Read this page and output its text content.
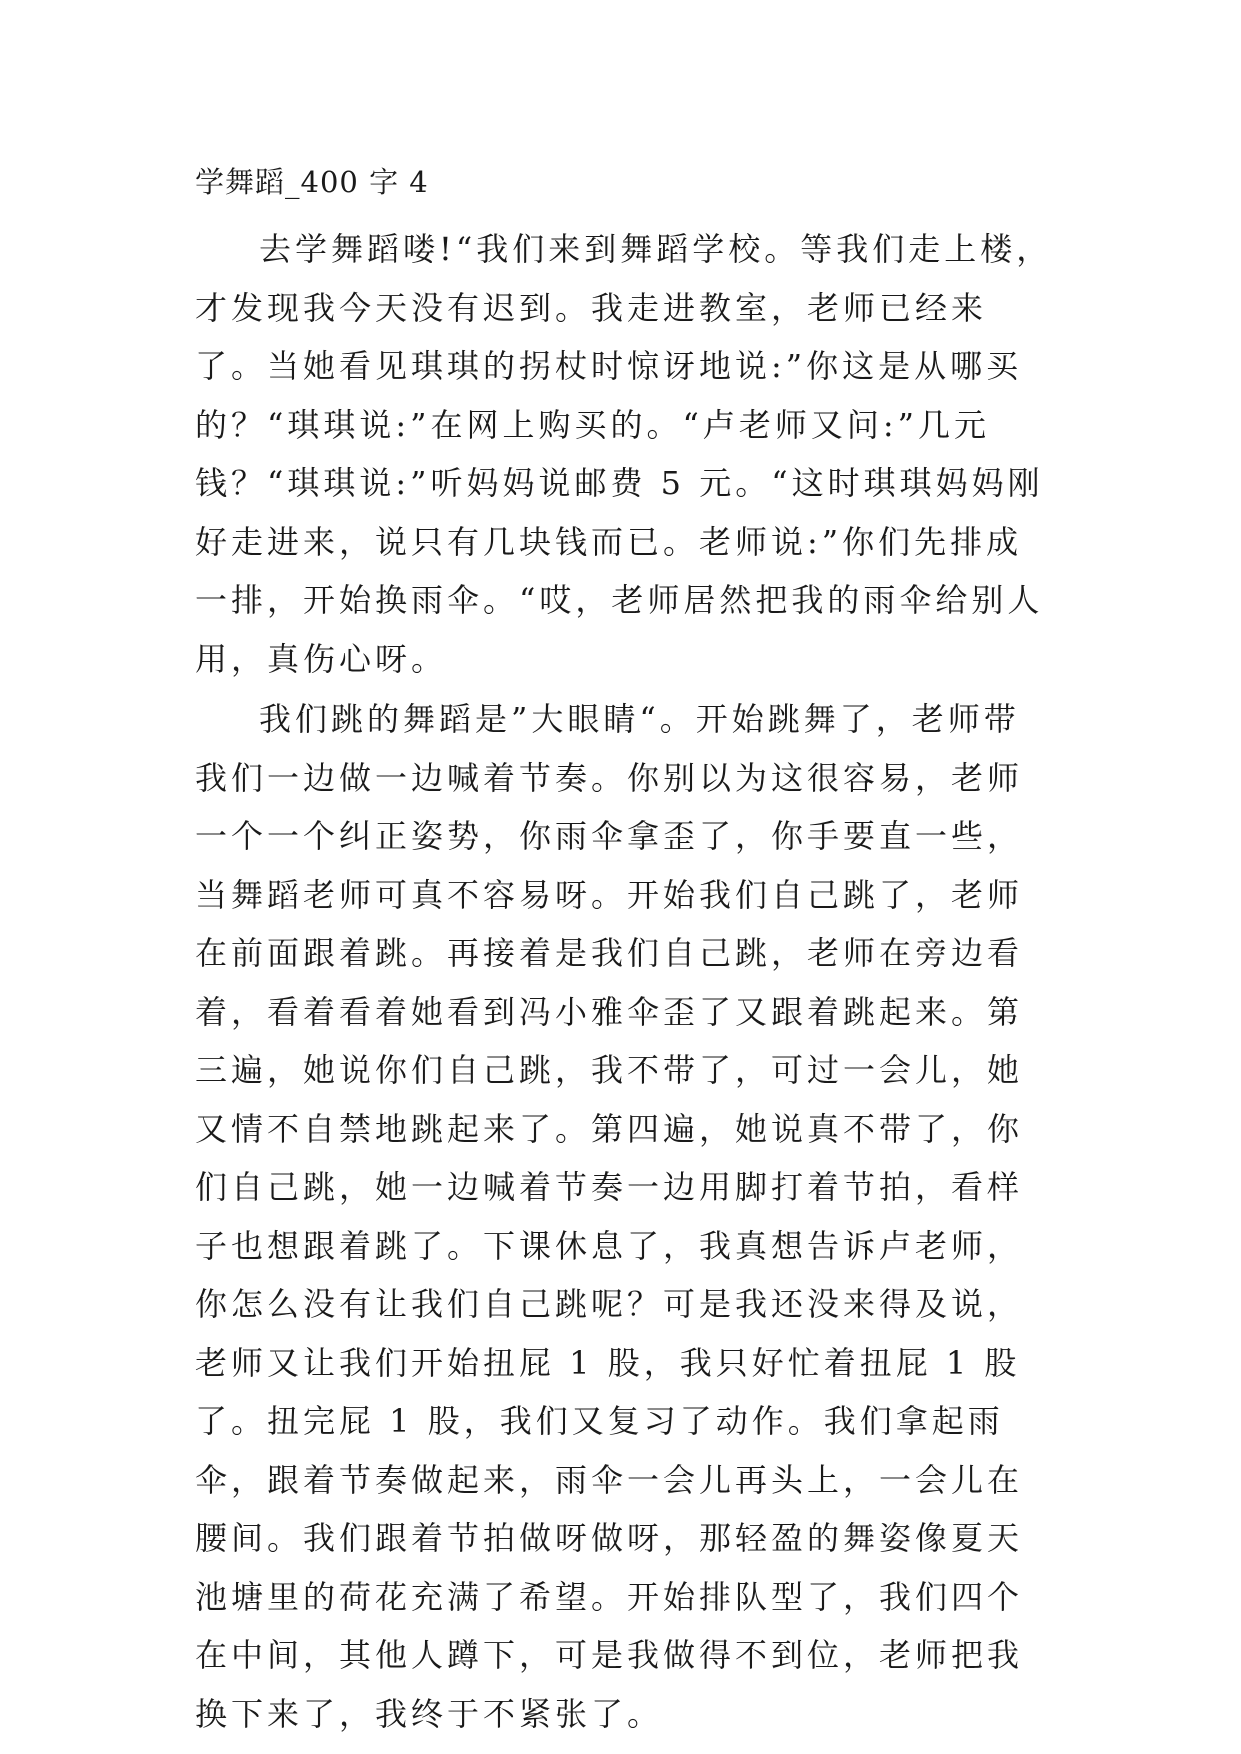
学舞蹈_400 字 4

去学舞蹈喽!“我们来到舞蹈学校。等我们走上楼，才发现我今天没有迟到。我走进教室，老师已经来了。当她看见琪琪的拐杖时惊讶地说:”你这是从哪买的？“琪琪说:”在网上购买的。“卢老师又问:”几元钱？“琪琪说:”听妈妈说邮费 5 元。“这时琪琪妈妈刚好走进来，说只有几块钱而已。老师说:”你们先排成一排，开始换雨伞。“哎，老师居然把我的雨伞给别人用，真伤心呀。

我们跳的舞蹈是”大眼睛“。开始跳舞了，老师带我们一边做一边喊着节奏。你别以为这很容易，老师一个一个纠正姿势，你雨伞拿歪了，你手要直一些，当舞蹈老师可真不容易呀。开始我们自己跳了，老师在前面跟着跳。再接着是我们自己跳，老师在旁边看着，看着看着她看到冯小雅伞歪了又跟着跳起来。第三遍，她说你们自己跳，我不带了，可过一会儿，她又情不自禁地跳起来了。第四遍，她说真不带了，你们自己跳，她一边喊着节奏一边用脚打着节拍，看样子也想跟着跳了。下课休息了，我真想告诉卢老师，你怎么没有让我们自己跳呢？可是我还没来得及说，老师又让我们开始扭屁 1 股，我只好忙着扭屁 1 股了。扭完屁 1 股，我们又复习了动作。我们拿起雨伞，跟着节奏做起来，雨伞一会儿再头上，一会儿在腰间。我们跟着节拍做呀做呀，那轻盈的舞姿像夏天池塘里的荷花充满了希望。开始排队型了，我们四个在中间，其他人蹲下，可是我做得不到位，老师把我换下来了，我终于不紧张了。
